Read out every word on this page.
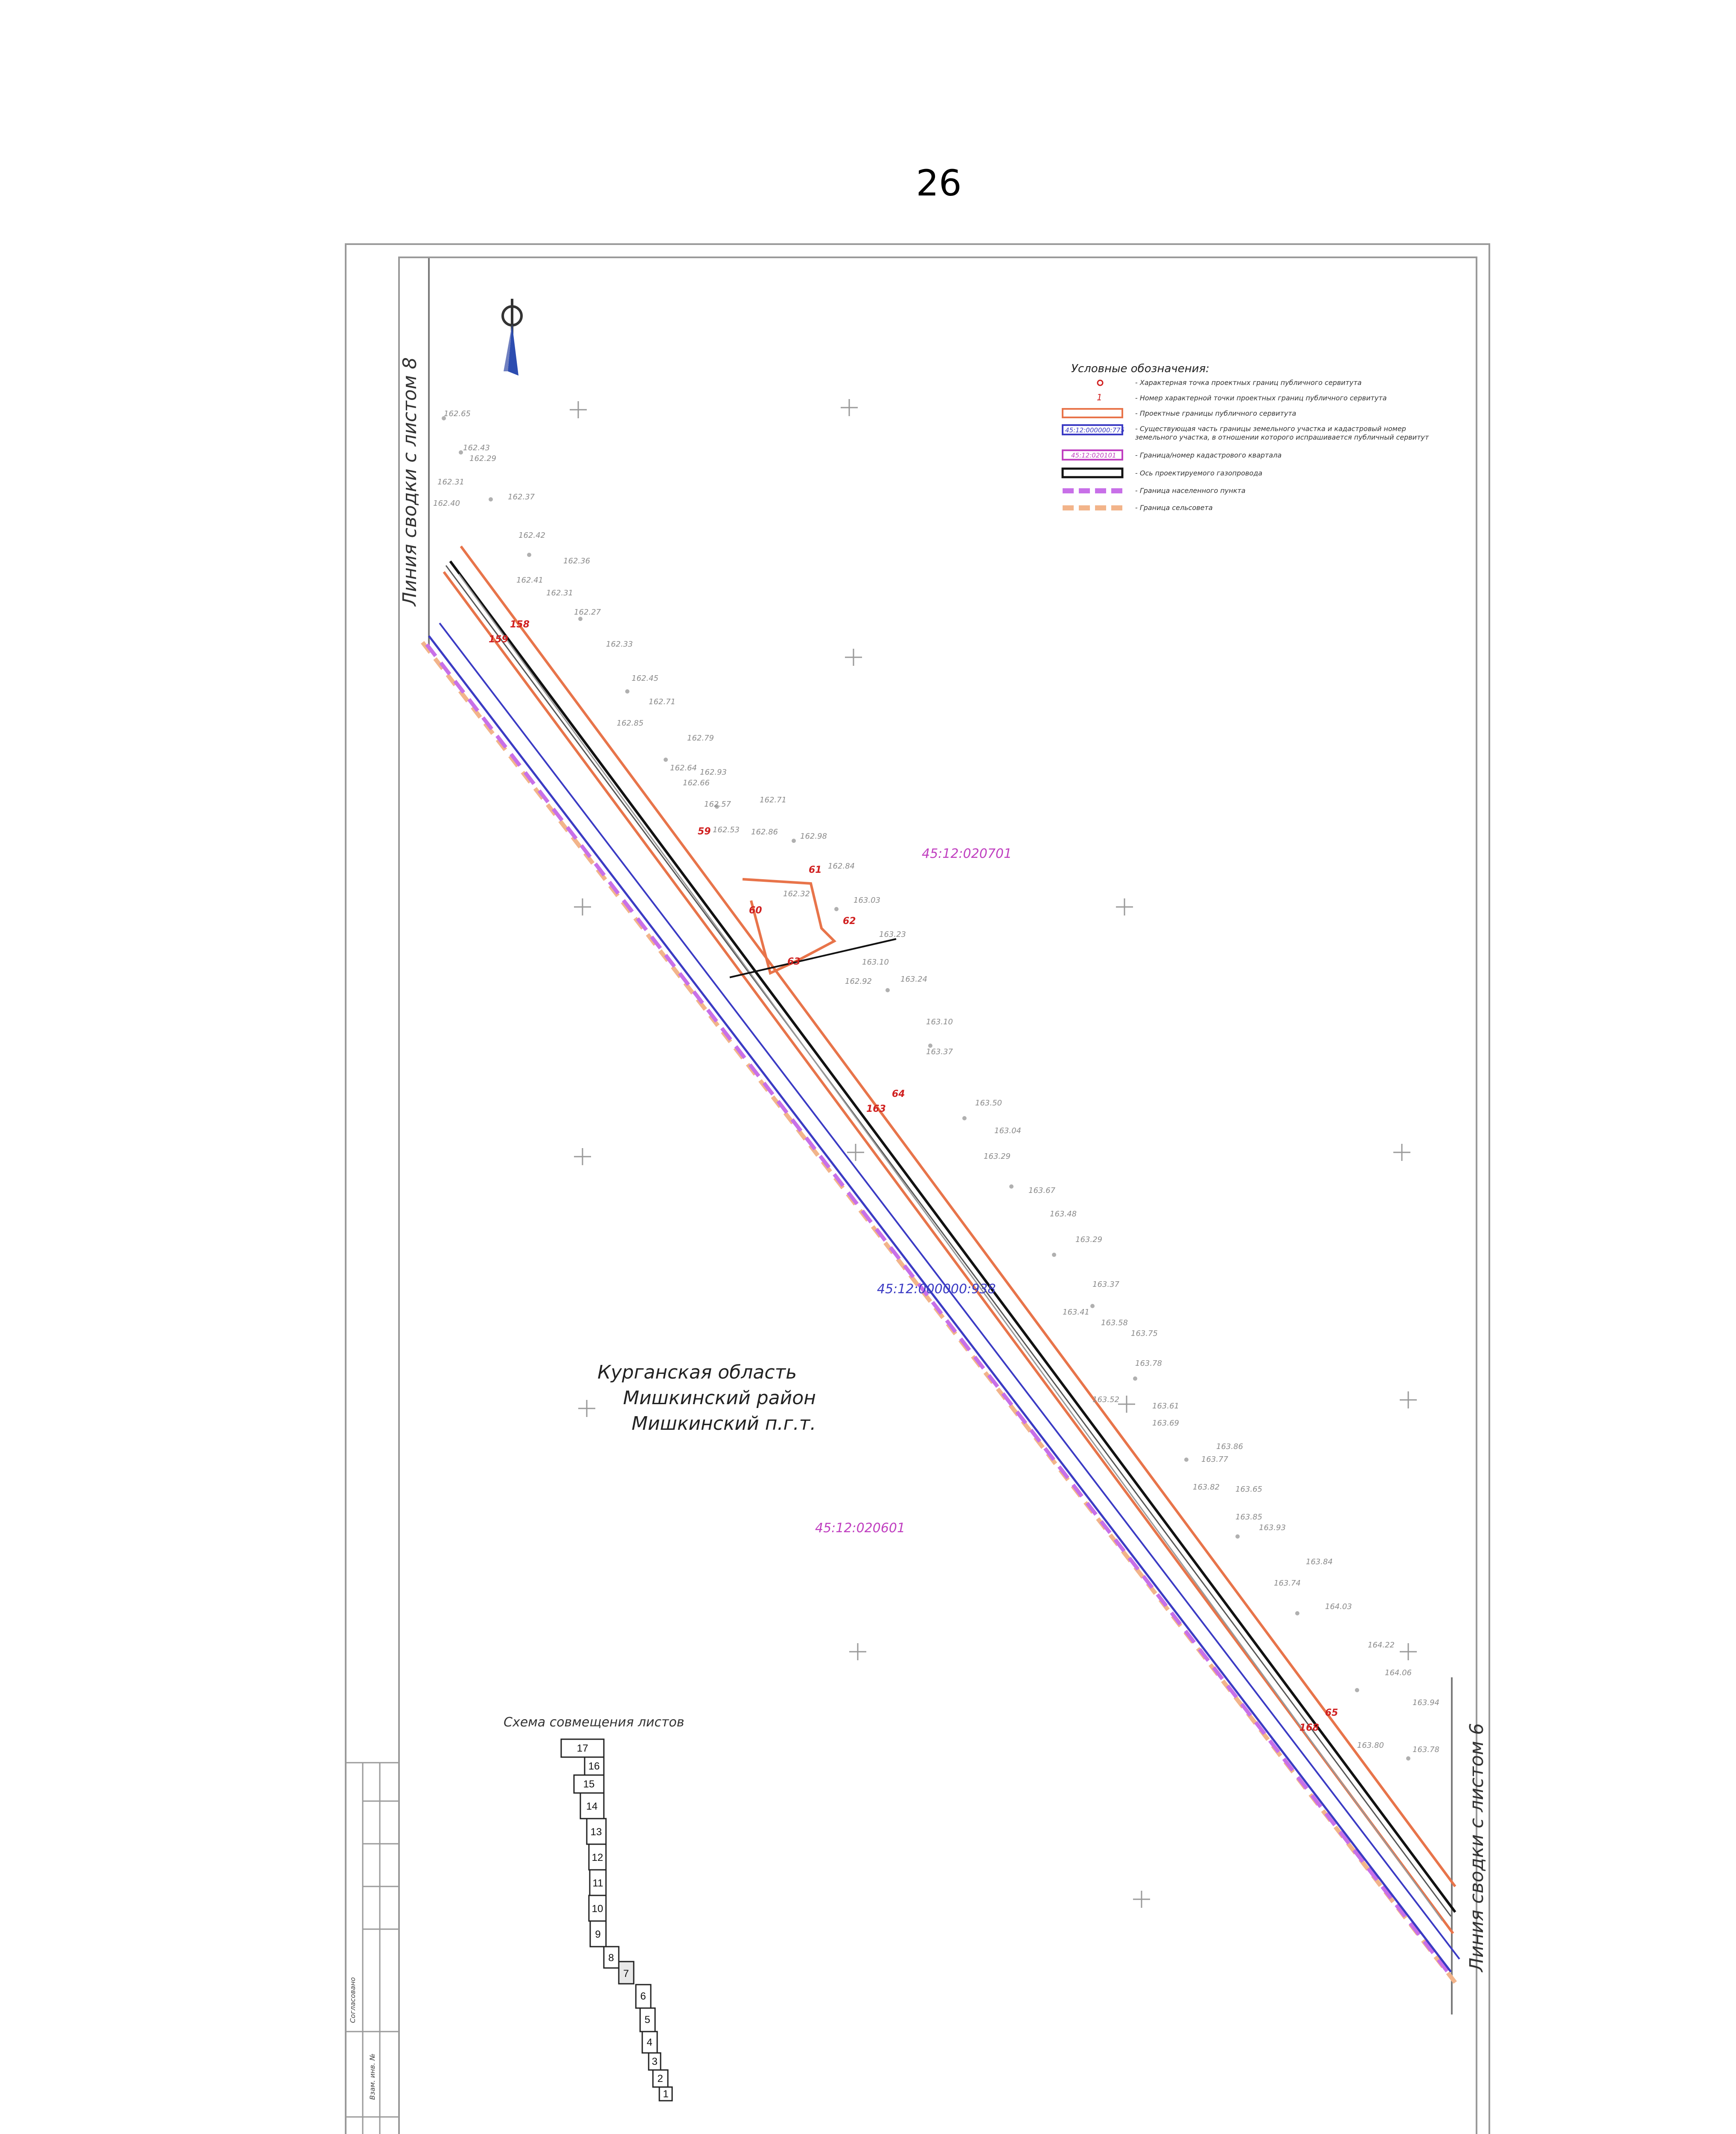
26
Линия сводки с листом 8
Линия сводки с листом 6
162.65
162.43
162.29
162.31
162.37
162.40
162.42
162.36
162.41
162.31
162.27
162.33
162.45
162.71
162.85
162.79
162.64 162.93
162.66
162.57	162.71
162.53 162.86	162.98
163.03
162.84
162.32
163.23
163.10
163.24
162.92
163.10
163.37
163.50
163.04
163.29
163.67
163.48
163.29
163.37
163.41
163.58
163.75
163.78
163.52
163.61
163.69
163.86
163.77
163.82 163.65
163.85
163.93
163.84
163.74
164.03
164.22
164.06
163.94
163.80	163.78
158
159
59
60
61
62
63
64
163
65
168
45:12:020701
45:12:000000:938
45:12:020601
Курганская область
Мишкинский район
Мишкинский п.г.т.
Условные обозначения:
- Характерная точка проектных границ публичного сервитута
1	- Номер характерной точки проектных границ публичного сервитута
- Проектные границы публичного сервитута
45:12:000000:775 - Существующая часть границы земельного участка и кадастровый номер земельного участка, в отношении которого испрашивается публичный сервитут
45:12:020101	- Граница/номер кадастрового квартала
- Ось проектируемого газопровода
- Граница населенного пункта
- Граница сельсовета
Схема совмещения листов
17
16
15
14
13
12
11
10
9
8
7
6
5
4
3
2
1
Взам. инв. №
Согласовано
